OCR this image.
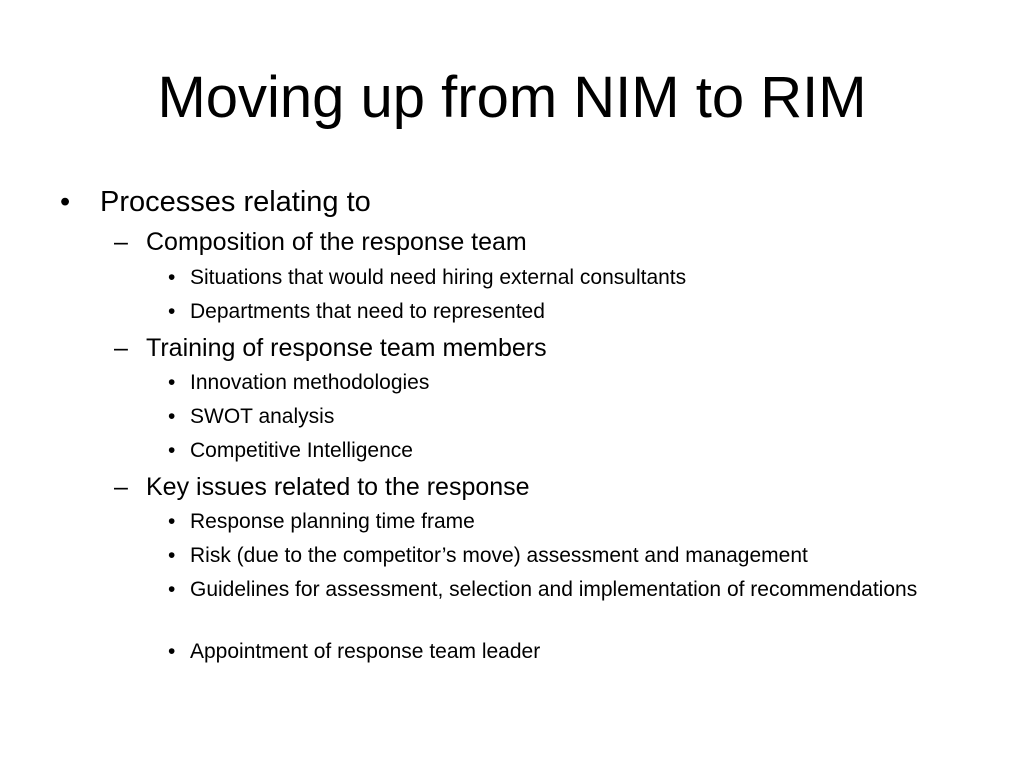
Moving up from NIM to RIM
• Processes relating to
– Composition of the response team
• Situations that would need hiring external consultants
• Departments that need to represented
– Training of response team members
• Innovation methodologies
• SWOT analysis
• Competitive Intelligence
– Key issues related to the response
• Response planning time frame
• Risk (due to the competitor’s move) assessment and management
• Guidelines for assessment, selection and implementation of recommendations
• Appointment of response team leader
